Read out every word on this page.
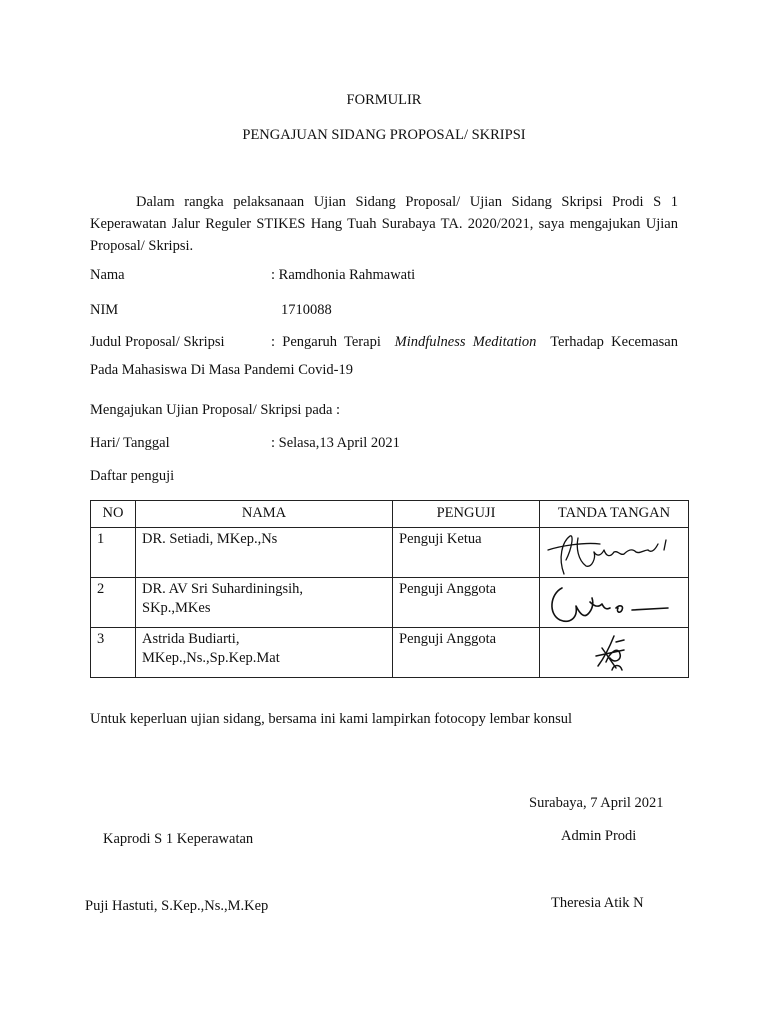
FORMULIR
PENGAJUAN SIDANG PROPOSAL/ SKRIPSI
Dalam rangka pelaksanaan Ujian Sidang Proposal/ Ujian Sidang Skripsi Prodi S 1 Keperawatan Jalur Reguler STIKES Hang Tuah Surabaya TA. 2020/2021, saya mengajukan Ujian Proposal/ Skripsi.
Nama	: Ramdhonia Rahmawati
NIM	1710088
Judul Proposal/ Skripsi	:  Pengaruh  Terapi Mindfulness  Meditation Terhadap  Kecemasan
Pada Mahasiswa Di Masa Pandemi Covid-19
Mengajukan Ujian Proposal/ Skripsi pada :
Hari/ Tanggal	: Selasa,13 April 2021
Daftar penguji
NO	NAMA	PENGUJI	TANDA TANGAN
1	DR. Setiadi, MKep.,Ns	Penguji Ketua	

2	DR. AV Sri Suhardiningsih,
SKp.,MKes	Penguji Anggota	

3	Astrida Budiarti,
MKep.,Ns.,Sp.Kep.Mat	Penguji Anggota	
Untuk keperluan ujian sidang, bersama ini kami lampirkan fotocopy lembar konsul
Surabaya, 7 April 2021
Kaprodi S 1 Keperawatan	Admin Prodi
Puji Hastuti, S.Kep.,Ns.,M.Kep	Theresia Atik N
